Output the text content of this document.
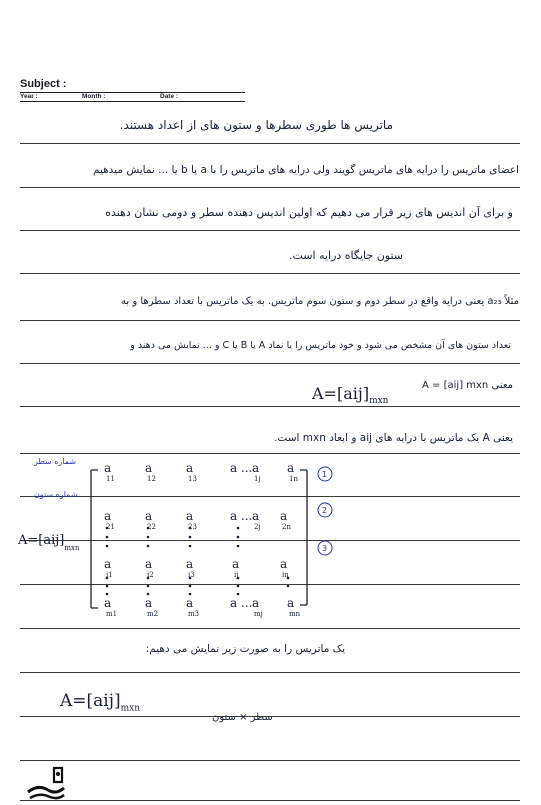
Subject :
Year :	Month :	Date :
ماتریس ها طوری سطرها و ستون های از اعداد هستند.
اعضای ماتریس را درایه های ماتریس گویند ولی درایه های ماتریس را با a یا b یا ... نمایش میدهیم
و برای آن اندیس های زیر قرار می دهیم که اولین اندیس دهنده سطر و دومی نشان دهنده
ستون جایگاه درایه است.
مثلاً a₂₃ یعنی درایه واقع در سطر دوم و ستون سوم ماتریس. به یک ماتریس با تعداد سطرها و به
تعداد ستون های آن مشخص می شود و خود ماتریس را با نماد A یا B یا C و ... نمایش می دهند و
معنی A = [aij] mxn
$A=[aij]_{mxn}$
یعنی A یک ماتریس با درایه های aij و ابعاد mxn است.
شماره سطر
شماره ستون
$A=[aij]_{mxn}$
1
2
3
a
11
a
12
a
13
a ... a
1j
a
1n
a
21
a
22
a
23
a ... a
2j
a
2n
a
i1
a
i2
a
i3
a
ij
a
in
a
m1
a
m2
a
m3
a ... a
mj
a
mn
یک ماتریس را به صورت زیر نمایش می دهیم:
$A=[aij]_{mxn}$
سطر × ستون
